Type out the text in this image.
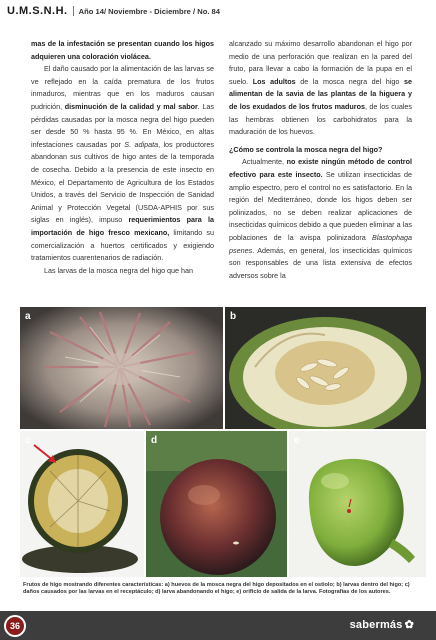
U.M.S.N.H. Año 14/ Noviembre - Diciembre / No. 84

mas de la infestación se presentan cuando los higos adquieren una coloración violácea.

El daño causado por la alimentación de las larvas se ve reflejado en la caída prematura de los frutos inmaduros, mientras que en los maduros causan pudrición, disminución de la calidad y mal sabor. Las pérdidas causadas por la mosca negra del higo pueden ser desde 50 % hasta 95 %. En México, en altas infestaciones causadas por S. adipata, los productores abandonan sus cultivos de higo antes de la temporada de cosecha. Debido a la presencia de este insecto en México, el Departamento de Agricultura de los Estados Unidos, a través del Servicio de Inspección de Sanidad Animal y Protección Vegetal (USDA-APHIS por sus siglas en inglés), impuso requerimientos para la importación de higo fresco mexicano, limitando su comercialización a huertos certificados y exigiendo tratamientos cuarentenarios de radiación.

Las larvas de la mosca negra del higo que han

alcanzado su máximo desarrollo abandonan el higo por medio de una perforación que realizan en la pared del fruto, para llevar a cabo la formación de la pupa en el suelo. Los adultos de la mosca negra del higo se alimentan de la savia de las plantas de la higuera y de los exudados de los frutos maduros, de los cuales las hembras obtienen los carbohidratos para la maduración de los huevos.

¿Cómo se controla la mosca negra del higo?

Actualmente, no existe ningún método de control efectivo para este insecto. Se utilizan insecticidas de amplio espectro, pero el control no es satisfactorio. En la región del Mediterráneo, donde los higos deben ser polinizados, no se deben realizar aplicaciones de insecticidas químicos debido a que pueden eliminar a las poblaciones de la avispa polinizadora Blastophaga psenes. Además, en general, los insecticidas químicos son responsables de una lista extensiva de efectos adversos sobre la

a	b
c	d	e
Frutos de higo mostrando diferentes características: a) huevos de la mosca negra del higo depositados en el ostiolo; b) larvas dentro del higo; c) daños causados por las larvas en el receptáculo; d) larva abandonando el higo; e) orificio de salida de la larva. Fotografías de los autores.
36	sabermás ✿
